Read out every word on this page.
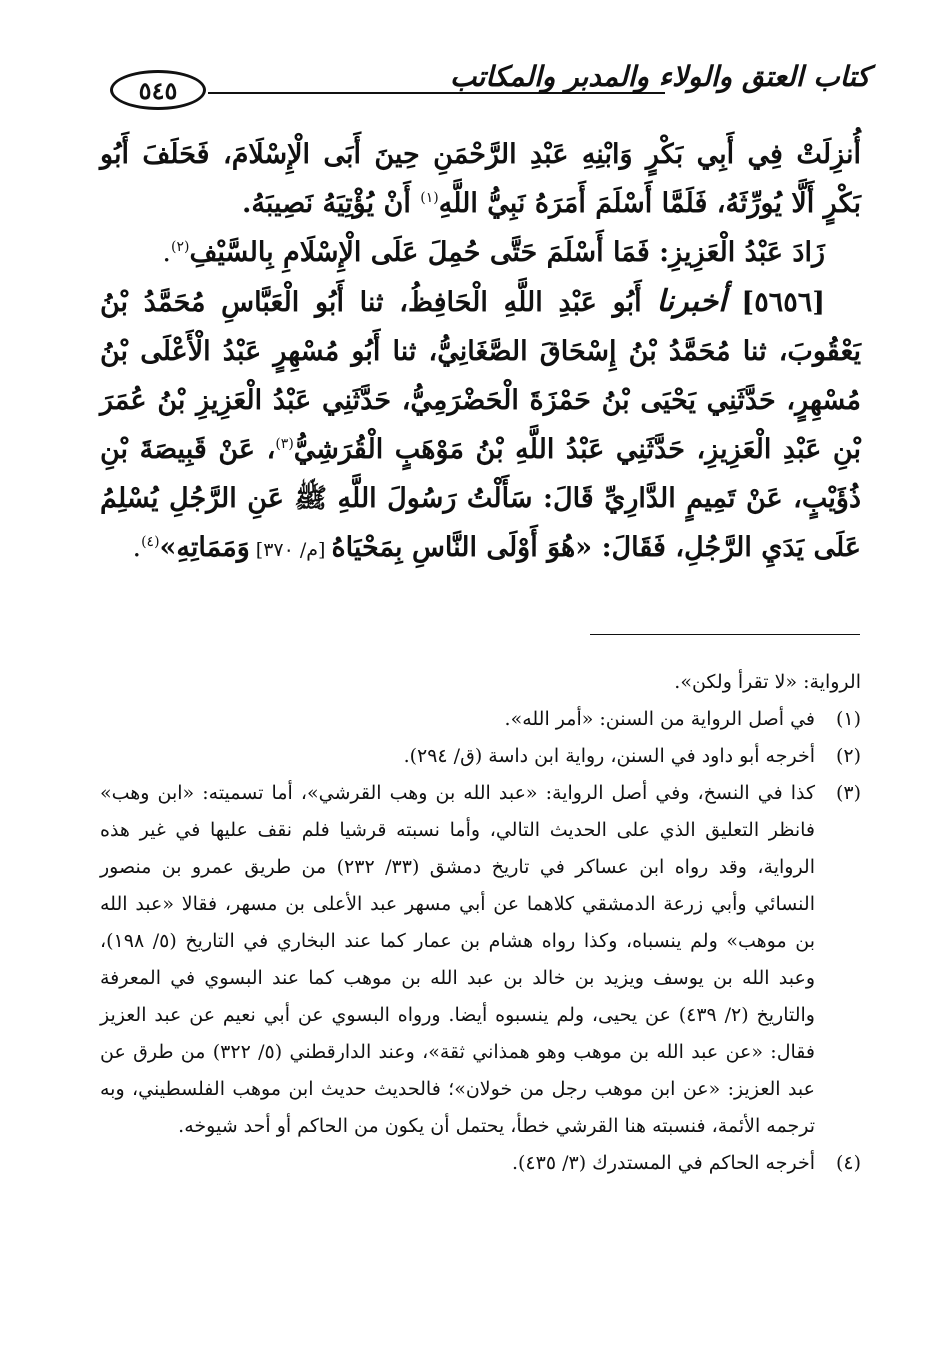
٥٤٥	كتاب العتق والولاء والمدبر والمكاتب

أُنزِلَتْ فِي أَبِي بَكْرٍ وَابْنِهِ عَبْدِ الرَّحْمَنِ حِينَ أَبَى الْإِسْلَامَ، فَحَلَفَ أَبُو بَكْرٍ أَلَّا يُورِّثَهُ، فَلَمَّا أَسْلَمَ أَمَرَهُ نَبِيُّ اللَّهِ$^{(١)}$ أَنْ يُؤْتِيَهُ نَصِيبَهُ.

زَادَ عَبْدُ الْعَزِيزِ: فَمَا أَسْلَمَ حَتَّى حُمِلَ عَلَى الْإِسْلَامِ بِالسَّيْفِ$^{(٢)}$.

[٥٦٥٦] أخبرنا أَبُو عَبْدِ اللَّهِ الْحَافِظُ، ثنا أَبُو الْعَبَّاسِ مُحَمَّدُ بْنُ يَعْقُوبَ، ثنا مُحَمَّدُ بْنُ إِسْحَاقَ الصَّغَانِيُّ، ثنا أَبُو مُسْهِرٍ عَبْدُ الْأَعْلَى بْنُ مُسْهِرٍ، حَدَّثَنِي يَحْيَى بْنُ حَمْزَةَ الْحَضْرَمِيُّ، حَدَّثَنِي عَبْدُ الْعَزِيزِ بْنُ عُمَرَ بْنِ عَبْدِ الْعَزِيزِ، حَدَّثَنِي عَبْدُ اللَّهِ بْنُ مَوْهَبٍ الْقُرَشِيُّ$^{(٣)}$، عَنْ قَبِيصَةَ بْنِ ذُؤَيْبٍ، عَنْ تَمِيمٍ الدَّارِيِّ قَالَ: سَأَلْتُ رَسُولَ اللَّهِ ﷺ عَنِ الرَّجُلِ يُسْلِمُ عَلَى يَدَيِ الرَّجُلِ، فَقَالَ: «هُوَ أَوْلَى النَّاسِ بِمَحْيَاهُ [م/ ٣٧٠] وَمَمَاتِهِ»$^{(٤)}$.

الرواية: «لا تقرأ ولكن».
(١)
في أصل الرواية من السنن: «أمر الله».
(٢)
أخرجه أبو داود في السنن، رواية ابن داسة (ق/ ٢٩٤).
(٣)
كذا في النسخ، وفي أصل الرواية: «عبد الله بن وهب القرشي»، أما تسميته: «ابن وهب» فانظر التعليق الذي على الحديث التالي، وأما نسبته قرشيا فلم نقف عليها في غير هذه الرواية، وقد رواه ابن عساكر في تاريخ دمشق (٣٣/ ٢٣٢) من طريق عمرو بن منصور النسائي وأبي زرعة الدمشقي كلاهما عن أبي مسهر عبد الأعلى بن مسهر، فقالا «عبد الله بن موهب» ولم ينسباه، وكذا رواه هشام بن عمار كما عند البخاري في التاريخ (٥/ ١٩٨)، وعبد الله بن يوسف ويزيد بن خالد بن عبد الله بن موهب كما عند البسوي في المعرفة والتاريخ (٢/ ٤٣٩) عن يحيى، ولم ينسبوه أيضا. ورواه البسوي عن أبي نعيم عن عبد العزيز فقال: «عن عبد الله بن موهب وهو همذاني ثقة»، وعند الدارقطني (٥/ ٣٢٢) من طرق عن عبد العزيز: «عن ابن موهب رجل من خولان»؛ فالحديث حديث ابن موهب الفلسطيني، وبه ترجمه الأئمة، فنسبته هنا القرشي خطأ، يحتمل أن يكون من الحاكم أو أحد شيوخه.
(٤)
أخرجه الحاكم في المستدرك (٣/ ٤٣٥).
